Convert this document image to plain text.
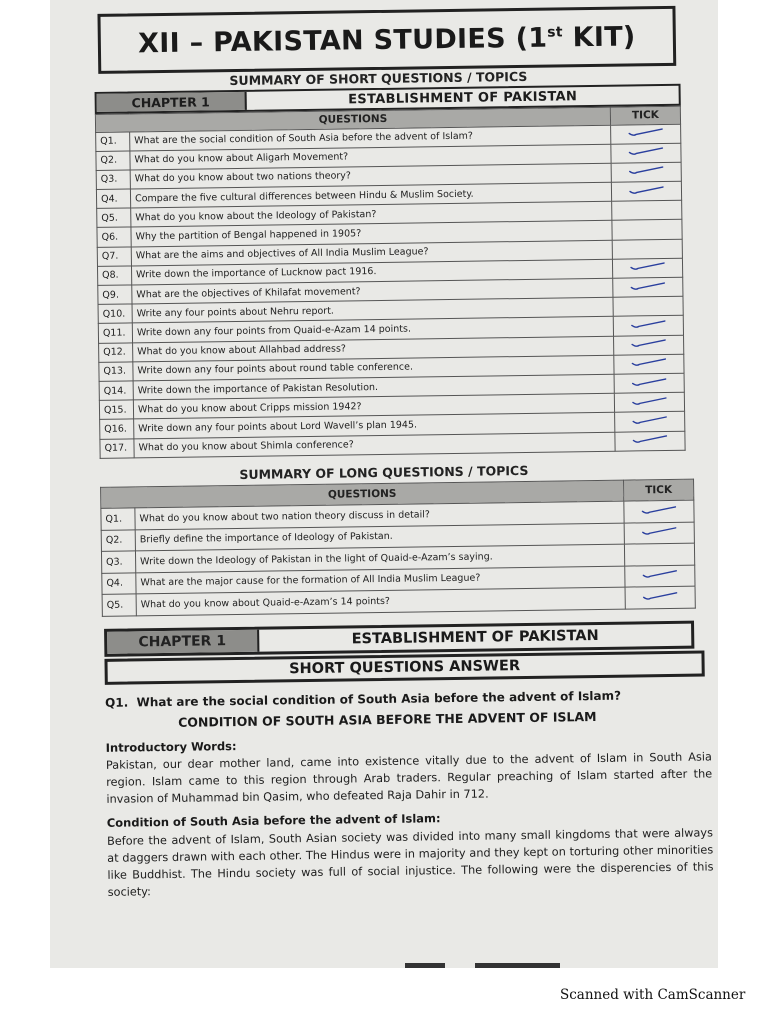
XII – PAKISTAN STUDIES (1st KIT)
SUMMARY OF SHORT QUESTIONS / TOPICS
CHAPTER 1	ESTABLISHMENT OF PAKISTAN
QUESTIONS		TICK
Q1.	What are the social condition of South Asia before the advent of Islam?	
Q2.	What do you know about Aligarh Movement?	
Q3.	What do you know about two nations theory?	
Q4.	Compare the five cultural differences between Hindu & Muslim Society.	
Q5.	What do you know about the Ideology of Pakistan?	
Q6.	Why the partition of Bengal happened in 1905?	
Q7.	What are the aims and objectives of All India Muslim League?	
Q8.	Write down the importance of Lucknow pact 1916.	
Q9.	What are the objectives of Khilafat movement?	
Q10.	Write any four points about Nehru report.	
Q11.	Write down any four points from Quaid-e-Azam 14 points.	
Q12.	What do you know about Allahbad address?	
Q13.	Write down any four points about round table conference.	
Q14.	Write down the importance of Pakistan Resolution.	
Q15.	What do you know about Cripps mission 1942?	
Q16.	Write down any four points about Lord Wavell’s plan 1945.	
Q17.	What do you know about Shimla conference?	
SUMMARY OF LONG QUESTIONS / TOPICS
QUESTIONS		TICK
Q1.	What do you know about two nation theory discuss in detail?	
Q2.	Briefly define the importance of Ideology of Pakistan.	
Q3.	Write down the Ideology of Pakistan in the light of Quaid-e-Azam’s saying.	
Q4.	What are the major cause for the formation of All India Muslim League?	
Q5.	What do you know about Quaid-e-Azam’s 14 points?	
CHAPTER 1	ESTABLISHMENT OF PAKISTAN
SHORT QUESTIONS ANSWER
Q1. What are the social condition of South Asia before the advent of Islam?
CONDITION OF SOUTH ASIA BEFORE THE ADVENT OF ISLAM
Introductory Words:
Pakistan, our dear mother land, came into existence vitally due to the advent of Islam in South Asia region. Islam came to this region through Arab traders. Regular preaching of Islam started after the invasion of Muhammad bin Qasim, who defeated Raja Dahir in 712.
Condition of South Asia before the advent of Islam:
Before the advent of Islam, South Asian society was divided into many small kingdoms that were always at daggers drawn with each other. The Hindus were in majority and they kept on torturing other minorities like Buddhist. The Hindu society was full of social injustice. The following were the disperencies of this society:
Scanned with CamScanner
